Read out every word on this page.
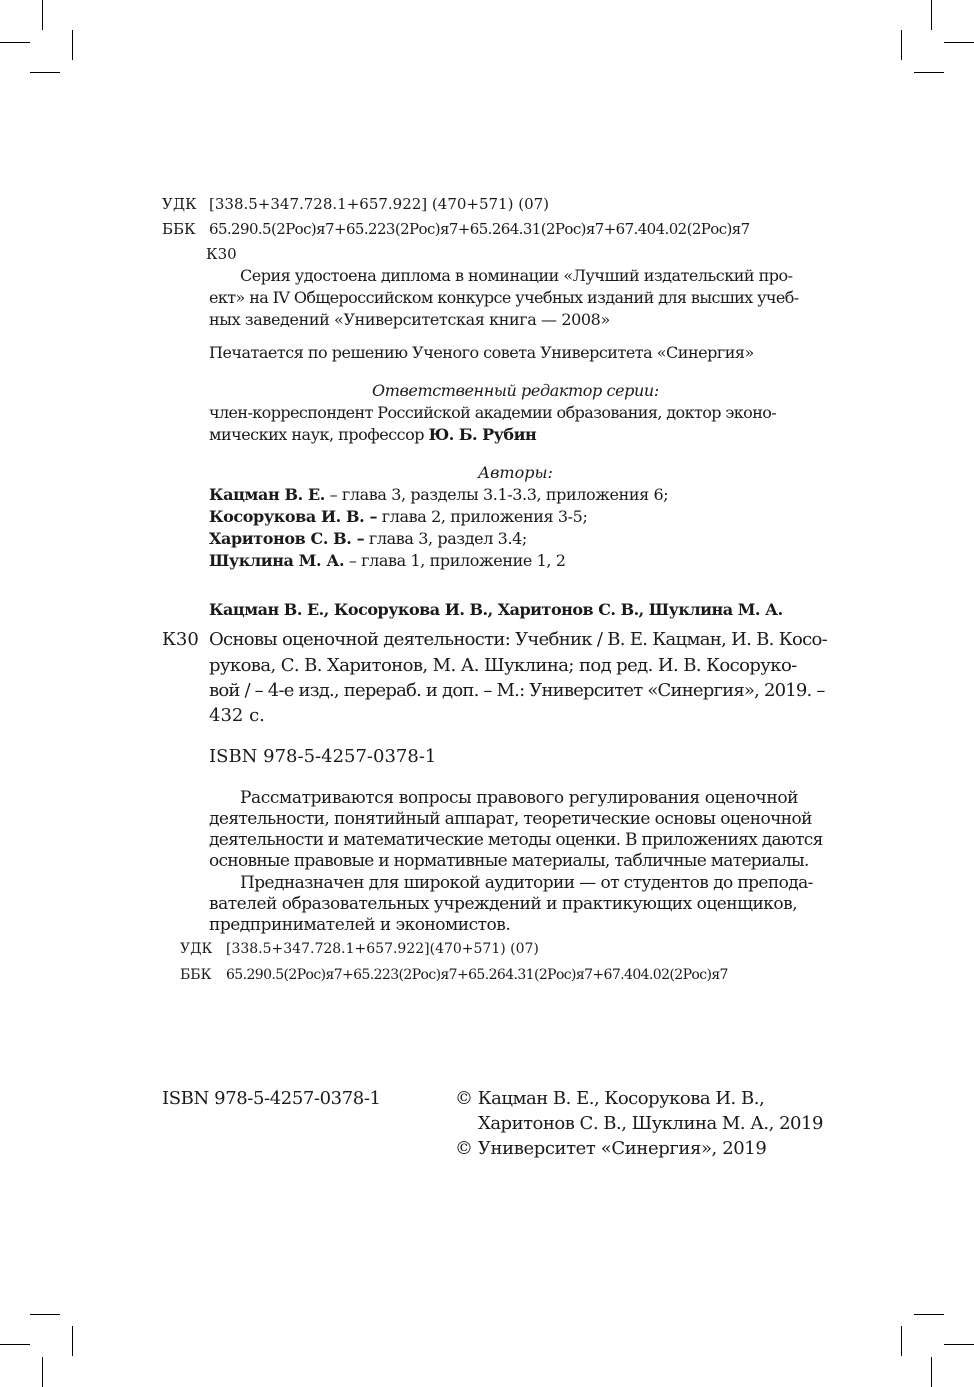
УДК [338.5+347.728.1+657.922] (470+571) (07)
ББК 65.290.5(2Рос)я7+65.223(2Рос)я7+65.264.31(2Рос)я7+67.404.02(2Рос)я7
К30
Серия удостоена диплома в номинации «Лучший издательский про-
ект» на IV Общероссийском конкурсе учебных изданий для высших учеб-
ных заведений «Университетская книга — 2008»
Печатается по решению Ученого совета Университета «Синергия»
Ответственный редактор серии:
член-корреспондент Российской академии образования, доктор эконо-
мических наук, профессор Ю. Б. Рубин
Авторы:
Кацман В. Е. – глава 3, разделы 3.1-3.3, приложения 6;
Косорукова И. В. – глава 2, приложения 3-5;
Харитонов С. В. – глава 3, раздел 3.4;
Шуклина М. А. – глава 1, приложение 1, 2
Кацман В. Е., Косорукова И. В., Харитонов С. В., Шуклина М. А.
К30 Основы оценочной деятельности: Учебник / В. Е. Кацман, И. В. Косо-
рукова, С. В. Харитонов, М. А. Шуклина; под ред. И. В. Косоруко-
вой / – 4-е изд., перераб. и доп. – М.: Университет «Синергия», 2019. –
432 с.
ISBN 978-5-4257-0378-1
Рассматриваются вопросы правового регулирования оценочной
деятельности, понятийный аппарат, теоретические основы оценочной
деятельности и математические методы оценки. В приложениях даются
основные правовые и нормативные материалы, табличные материалы.
Предназначен для широкой аудитории — от студентов до препода-
вателей образовательных учреждений и практикующих оценщиков,
предпринимателей и экономистов.
УДК [338.5+347.728.1+657.922](470+571) (07)
ББК 65.290.5(2Рос)я7+65.223(2Рос)я7+65.264.31(2Рос)я7+67.404.02(2Рос)я7
ISBN 978-5-4257-0378-1	© Кацман В. Е., Косорукова И. В.,
Харитонов С. В., Шуклина М. А., 2019
© Университет «Синергия», 2019
